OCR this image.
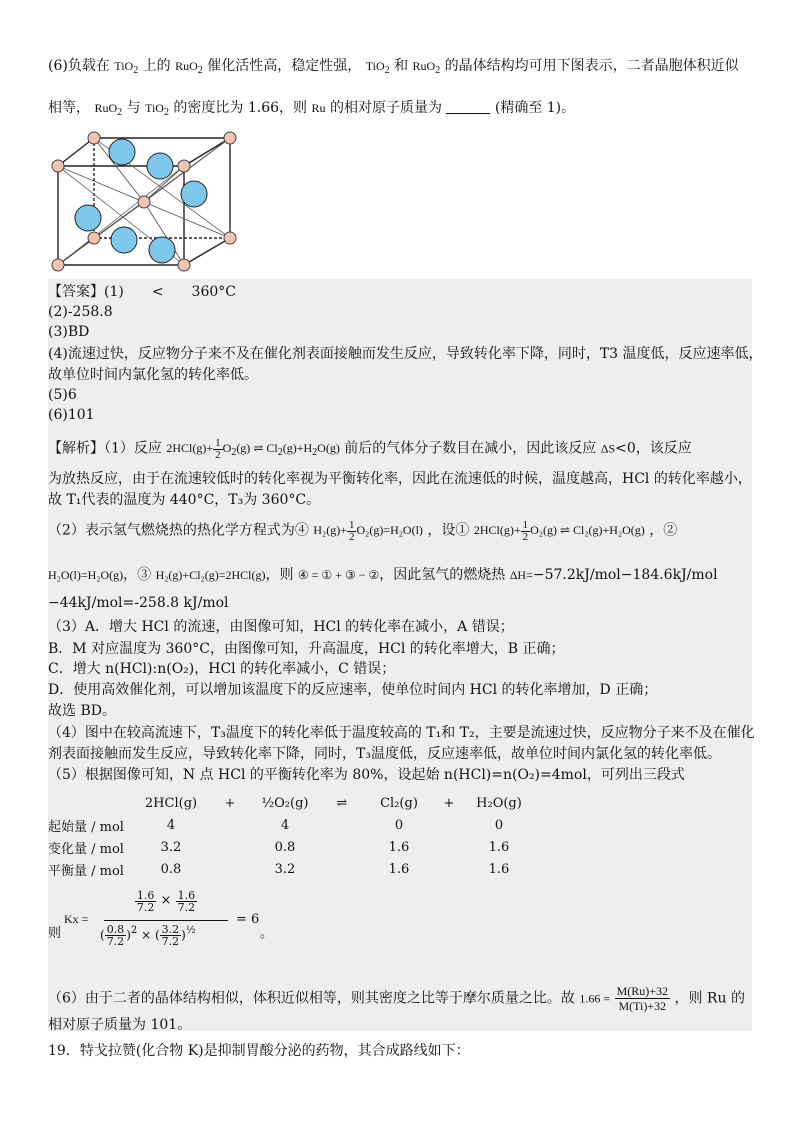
(6)负载在 TiO$_2$ 上的 RuO$_2$ 催化活性高，稳定性强， TiO$_2$ 和 RuO$_2$ 的晶体结构均可用下图表示，二者晶胞体积近似
相等， RuO$_2$ 与 TiO$_2$ 的密度比为 1.66，则 Ru 的相对原子质量为	(精确至 1)。
【答案】(1)　　<　　360°C
(2)-258.8
(3)BD
(4)流速过快，反应物分子来不及在催化剂表面接触而发生反应，导致转化率下降，同时，T3 温度低，反应速率低，
故单位时间内氯化氢的转化率低。
(5)6
(6)101
【解析】（1）反应 $2HCl(g)+ \frac{1}{2} O_2(g)$ ⇌ $Cl_2(g)+H_2O(g)$ 前后的气体分子数目在减小，因此该反应 ΔS<0，该反应
为放热反应，由于在流速较低时的转化率视为平衡转化率，因此在流速低的时候，温度越高，HCl 的转化率越小，
故 T₁代表的温度为 440°C，T₃为 360°C。
（2）表示氢气燃烧热的热化学方程式为④ $H_2(g)+ \frac{1}{2} O_2(g)=H_2O(l)$ ，设① $2HCl(g)+ \frac{1}{2} O_2(g)$ ⇌ Cl₂(g)+H₂O(g) ，②
H₂O(l)=H₂O(g)，③ H₂(g)+Cl₂(g)=2HCl(g)，则 ④ = ① + ③ − ②，因此氢气的燃烧热 ΔH=−57.2kJ/mol−184.6kJ/mol
−44kJ/mol=-258.8 kJ/mol
（3）A．增大 HCl 的流速，由图像可知，HCl 的转化率在减小，A 错误；
B．M 对应温度为 360°C，由图像可知，升高温度，HCl 的转化率增大，B 正确；
C．增大 n(HCl):n(O₂)，HCl 的转化率减小，C 错误；
D．使用高效催化剂，可以增加该温度下的反应速率，使单位时间内 HCl 的转化率增加，D 正确；
故选 BD。
（4）图中在较高流速下，T₃温度下的转化率低于温度较高的 T₁和 T₂，主要是流速过快，反应物分子来不及在催化
剂表面接触而发生反应，导致转化率下降，同时，T₃温度低，反应速率低，故单位时间内氯化氢的转化率低。
（5）根据图像可知，N 点 HCl 的平衡转化率为 80%，设起始 n(HCl)=n(O₂)=4mol，可列出三段式
	2HCl(g)	+	½O₂(g)	⇌	Cl₂(g)	+	H₂O(g)
起始量 / mol	4		4		0		0
变化量 / mol	3.2		0.8		1.6		1.6
平衡量 / mol	0.8		3.2		1.6		1.6
则
Kx =
$\frac{1.6}{7.2} \times \frac{1.6}{7.2}$
( $\frac{0.8}{7.2} )^2$ × ( $\frac{3.2}{7.2} )^{\frac{1}{2}}$
= 6
。
（6）由于二者的晶体结构相似，体积近似相等，则其密度之比等于摩尔质量之比。故 $1.66 = \frac{M(Ru)+32}{M(Ti)+32}$ ，则 Ru 的
相对原子质量为 101。
19．特戈拉赞(化合物 K)是抑制胃酸分泌的药物，其合成路线如下：
